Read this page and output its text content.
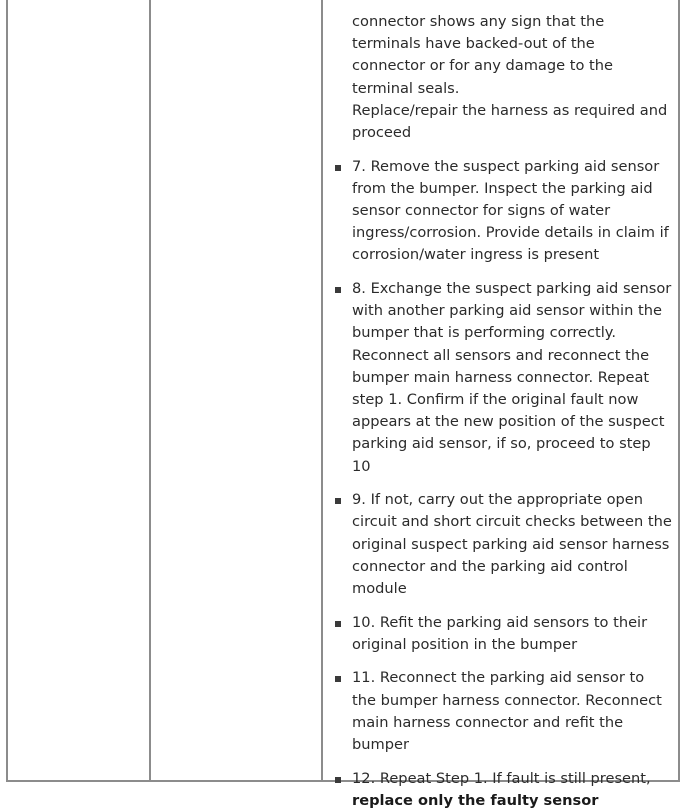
connector shows any sign that the terminals have backed-out of the connector or for any damage to the terminal seals.
Replace/repair the harness as required and proceed

7. Remove the suspect parking aid sensor from the bumper. Inspect the parking aid sensor connector for signs of water ingress/corrosion. Provide details in claim if corrosion/water ingress is present
8. Exchange the suspect parking aid sensor with another parking aid sensor within the bumper that is performing correctly. Reconnect all sensors and reconnect the bumper main harness connector. Repeat step 1. Confirm if the original fault now appears at the new position of the suspect parking aid sensor, if so, proceed to step 10
9. If not, carry out the appropriate open circuit and short circuit checks between the original suspect parking aid sensor harness connector and the parking aid control module
10. Refit the parking aid sensors to their original position in the bumper
11. Reconnect the parking aid sensor to the bumper harness connector. Reconnect main harness connector and refit the bumper
12. Repeat Step 1. If fault is still present,
replace only the faulty sensor
